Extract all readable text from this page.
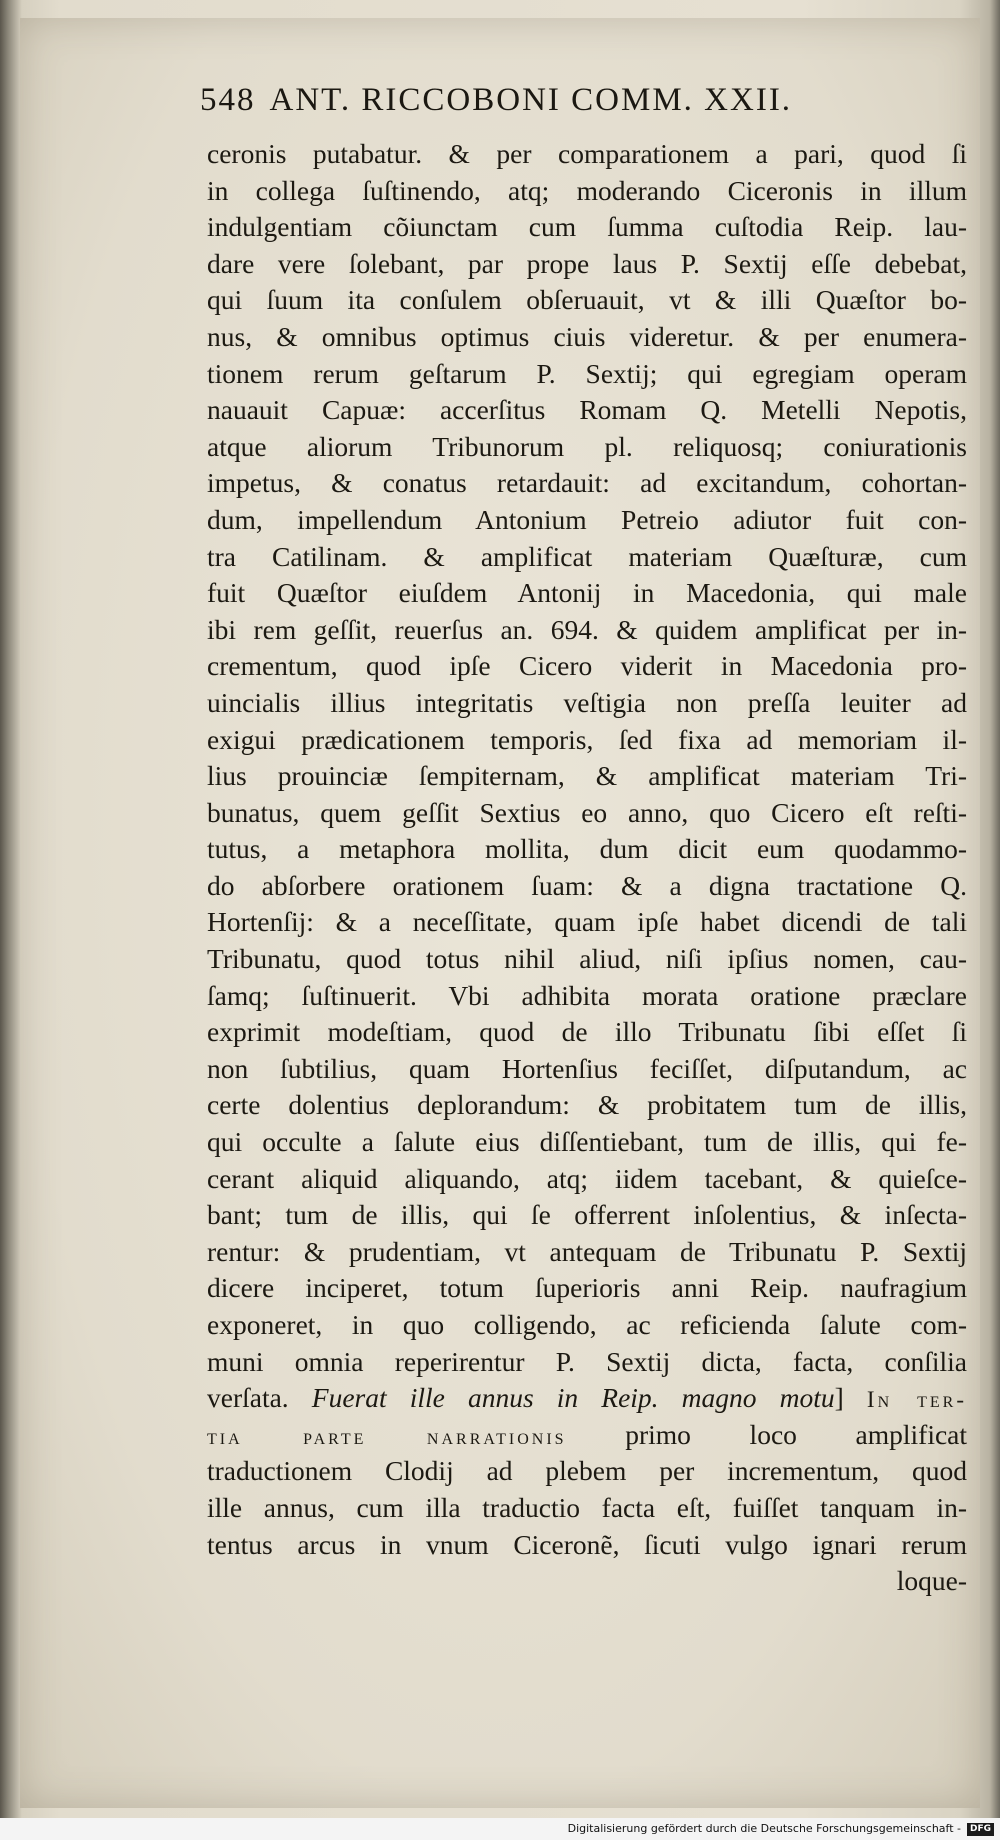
548 ANT. RICCOBONI COMM. XXII.
ceronis putabatur. & per comparationem a pari, quod ſi
in collega ſuſtinendo, atq; moderando Ciceronis in illum
indulgentiam cõiunctam cum ſumma cuſtodia Reip. lau-
dare vere ſolebant, par prope laus P. Sextij eſſe debebat,
qui ſuum ita conſulem obſeruauit, vt & illi Quæſtor bo-
nus, & omnibus optimus ciuis videretur. & per enumera-
tionem rerum geſtarum P. Sextij; qui egregiam operam
nauauit Capuæ: accerſitus Romam Q. Metelli Nepotis,
atque aliorum Tribunorum pl. reliquosq; coniurationis
impetus, & conatus retardauit: ad excitandum, cohortan-
dum, impellendum Antonium Petreio adiutor fuit con-
tra Catilinam. & amplificat materiam Quæſturæ, cum
fuit Quæſtor eiuſdem Antonij in Macedonia, qui male
ibi rem geſſit, reuerſus an. 694. & quidem amplificat per in-
crementum, quod ipſe Cicero viderit in Macedonia pro-
uincialis illius integritatis veſtigia non preſſa leuiter ad
exigui prædicationem temporis, ſed fixa ad memoriam il-
lius prouinciæ ſempiternam, & amplificat materiam Tri-
bunatus, quem geſſit Sextius eo anno, quo Cicero eſt reſti-
tutus, a metaphora mollita, dum dicit eum quodammo-
do abſorbere orationem ſuam: & a digna tractatione Q.
Hortenſij: & a neceſſitate, quam ipſe habet dicendi de tali
Tribunatu, quod totus nihil aliud, niſi ipſius nomen, cau-
ſamq; ſuſtinuerit. Vbi adhibita morata oratione præclare
exprimit modeſtiam, quod de illo Tribunatu ſibi eſſet ſi
non ſubtilius, quam Hortenſius feciſſet, diſputandum, ac
certe dolentius deplorandum: & probitatem tum de illis,
qui occulte a ſalute eius diſſentiebant, tum de illis, qui fe-
cerant aliquid aliquando, atq; iidem tacebant, & quieſce-
bant; tum de illis, qui ſe offerrent inſolentius, & inſecta-
rentur: & prudentiam, vt antequam de Tribunatu P. Sextij
dicere inciperet, totum ſuperioris anni Reip. naufragium
exponeret, in quo colligendo, ac reficienda ſalute com-
muni omnia reperirentur P. Sextij dicta, facta, conſilia
verſata. Fuerat ille annus in Reip. magno motu] In ter-
tia parte narrationis primo loco amplificat
traductionem Clodij ad plebem per incrementum, quod
ille annus, cum illa traductio facta eſt, fuiſſet tanquam in-
tentus arcus in vnum Ciceronẽ, ſicuti vulgo ignari rerum
loque-
Digitalisierung gefördert durch die Deutsche Forschungsgemeinschaft - DFG
